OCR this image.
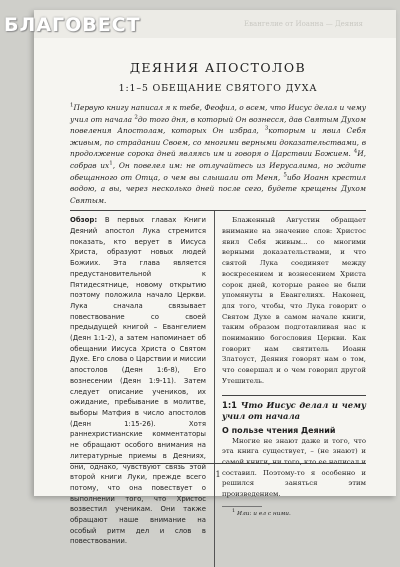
БЛАГОВЕСТ	Евангелие от Иоанна — Деяния
ДЕЯНИЯ АПОСТОЛОВ
1:1–5 ОБЕЩАНИЕ СВЯТОГО ДУХА

$^1$Первую книгу написал я к тебе, Феофил, о всем, что Иисус делал и чему учил от начала $^2$до того дня, в который Он вознесся, дав Святым Духом повеления Апостолам, которых Он избрал, $^3$которым и явил Себя живым, по страдании Своем, со многими верными доказательствами, в продолжение сорока дней являясь им и говоря о Царствии Божием. $^4$И, собрав $их^1$, Он повелел им: не отлучайтесь из Иерусалима, но ждите обещанного от Отца, о чем вы слышали от Меня, $^5$ибо Иоанн крестил водою, а вы, через несколько дней после сего, будете крещены Духом Святым.

Обзор: В первых главах Книги Деяний апостол Лука стремится показать, кто верует в Иисуса Христа, образуют новых людей Божиих. Эта глава является предустановительной к Пятидесятнице, новому открытию поэтому положила начало Церкви. Лука сначала связывает повествование со своей предыдущей книгой – Евангелием (Деян 1:1-2), а затем напоминает об обещании Иисуса Христа о Святом Духе. Его слова о Царствии и миссии апостолов (Деян 1:6-8), Его вознесении (Деян 1:9-11). Затем следует описание учеников, их ожидание, пребывание в молитве, выборы Матфия в число апостолов (Деян 1:15-26). Хотя раннехристианские комментаторы не обращают особого внимания на литературные приемы в Деяниях, они, однако, чувствуют связь этой второй книги Луки, прежде всего потому, что она повествует о выполнении того, что Христос возвестил ученикам. Они также обращают наше внимание на особый ритм дел и слов в повествовании.

Блаженный Августин обращает внимание на значение слов: Христос явил Себя живым... со многими верными доказательствами, и что святой Лука соединяет между воскресением и вознесением Христа сорок дней, которые ранее не были упомянуты в Евангелиях. Наконец, для того, чтобы, что Лука говорит о Святом Духе в самом начале книги, таким образом подготавливая нас к пониманию богословия Церкви. Как говорит нам святитель Иоанн Златоуст, Деяния говорят нам о том, что совершал и о чем говорил другой Утешитель.

1:1 Что Иисус делал и чему учил от начала
О пользе чтения Деяний

Многие не знают даже и того, что эта книга существует, – (не знают) и самой книги, ни того, кто ее написал и составил. Поэтому-то я особенно и решился заняться этим произведением.

$^1$ Или: и ел с ними.

1
